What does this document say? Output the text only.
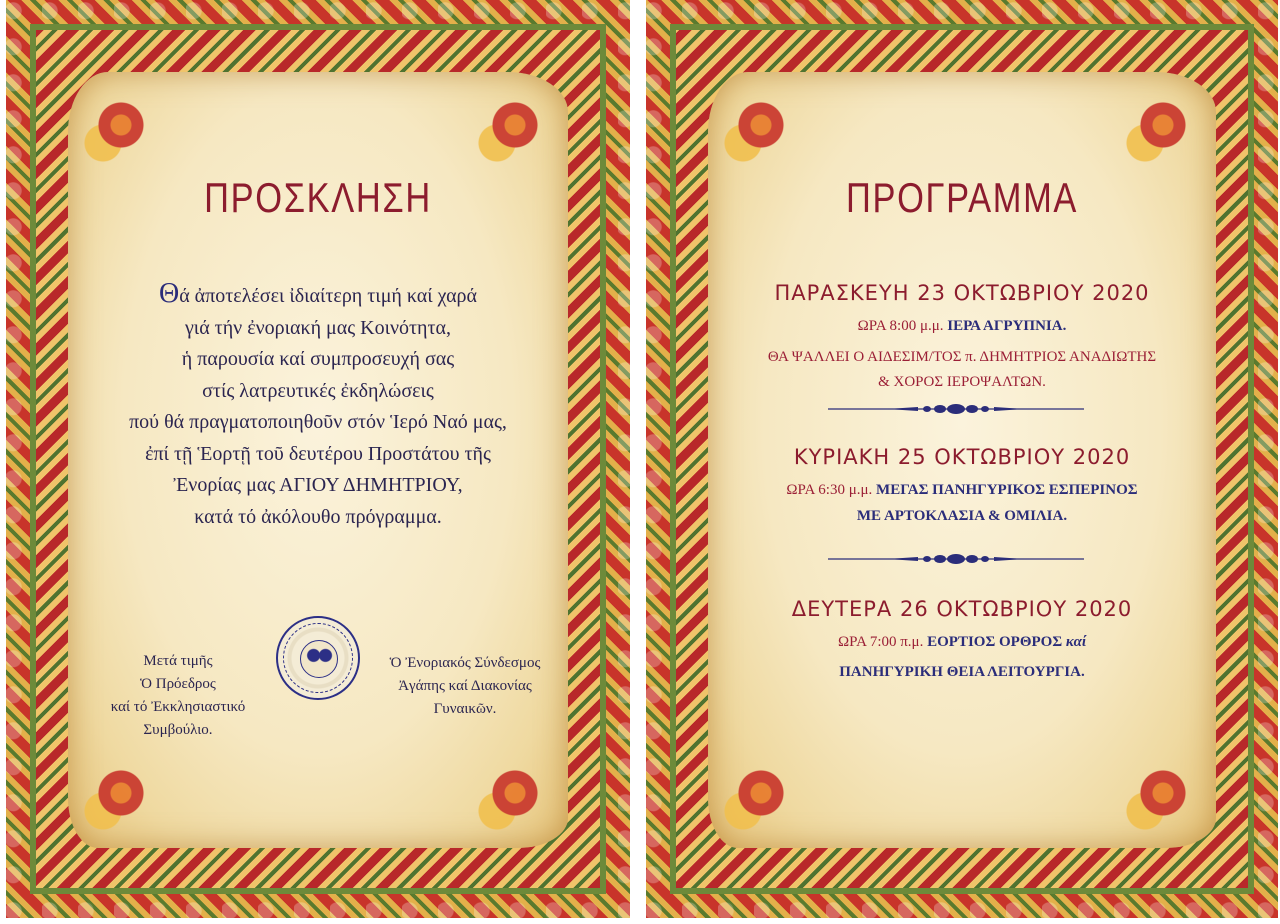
ΠΡΟΣΚΛΗΣΗ
Θά ἀποτελέσει ἰδιαίτερη τιμή καί χαρά
γιά τήν ἐνοριακή μας Κοινότητα,
ἡ παρουσία καί συμπροσευχή σας
στίς λατρευτικές ἐκδηλώσεις
πού θά πραγματοποιηθοῦν στόν Ἱερό Ναό μας,
ἐπί τῇ Ἑορτῇ τοῦ δευτέρου Προστάτου τῆς
Ἐνορίας μας ΑΓΙΟΥ ΔΗΜΗΤΡΙΟΥ,
κατά τό ἀκόλουθο πρόγραμμα.
Μετά τιμῆς
Ὁ Πρόεδρος
καί τό Ἐκκλησιαστικό
Συμβούλιο.
Ὁ Ἐνοριακός Σύνδεσμος
Ἀγάπης καί Διακονίας
Γυναικῶν.
ΠΡΟΓΡΑΜΜΑ
ΠΑΡΑΣΚΕΥΗ 23 ΟΚΤΩΒΡΙΟΥ 2020
ΩΡΑ 8:00 μ.μ. ΙΕΡΑ ΑΓΡΥΠΝΙΑ.
ΘΑ ΨΑΛΛΕΙ Ο ΑΙΔΕΣΙΜ/ΤΟΣ π. ΔΗΜΗΤΡΙΟΣ ΑΝΑΔΙΩΤΗΣ
& ΧΟΡΟΣ ΙΕΡΟΨΑΛΤΩΝ.
ΚΥΡΙΑΚΗ 25 ΟΚΤΩΒΡΙΟΥ 2020
ΩΡΑ 6:30 μ.μ. ΜΕΓΑΣ ΠΑΝΗΓΥΡΙΚΟΣ ΕΣΠΕΡΙΝΟΣ
ΜΕ ΑΡΤΟΚΛΑΣΙΑ & ΟΜΙΛΙΑ.
ΔΕΥΤΕΡΑ 26 ΟΚΤΩΒΡΙΟΥ 2020
ΩΡΑ 7:00 π.μ. ΕΟΡΤΙΟΣ ΟΡΘΡΟΣ καί
ΠΑΝΗΓΥΡΙΚΗ ΘΕΙΑ ΛΕΙΤΟΥΡΓΙΑ.
